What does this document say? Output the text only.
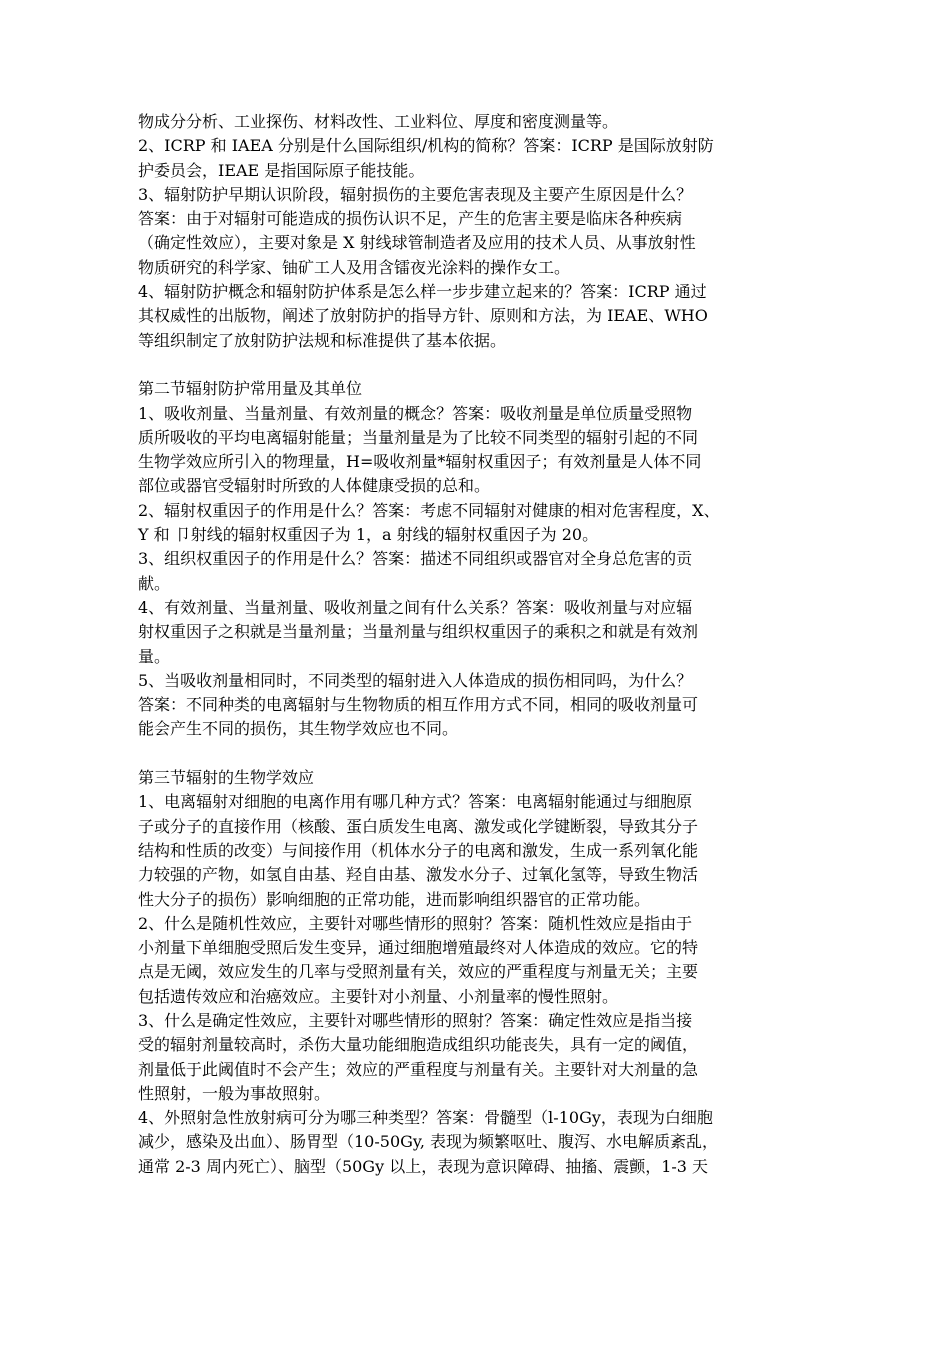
物成分分析、工业探伤、材料改性、工业料位、厚度和密度测量等。
2、ICRP 和 IAEA 分别是什么国际组织/机构的简称？答案：ICRP 是国际放射防
护委员会，IEAE 是指国际原子能技能。
3、辐射防护早期认识阶段，辐射损伤的主要危害表现及主要产生原因是什么？
答案：由于对辐射可能造成的损伤认识不足，产生的危害主要是临床各种疾病
（确定性效应），主要对象是 X 射线球管制造者及应用的技术人员、从事放射性
物质研究的科学家、铀矿工人及用含镭夜光涂料的操作女工。
4、辐射防护概念和辐射防护体系是怎么样一步步建立起来的？答案：ICRP 通过
其权威性的出版物，阐述了放射防护的指导方针、原则和方法，为 IEAE、WHO
等组织制定了放射防护法规和标准提供了基本依据。
第二节辐射防护常用量及其单位
1、吸收剂量、当量剂量、有效剂量的概念？答案：吸收剂量是单位质量受照物
质所吸收的平均电离辐射能量；当量剂量是为了比较不同类型的辐射引起的不同
生物学效应所引入的物理量，H=吸收剂量*辐射权重因子；有效剂量是人体不同
部位或器官受辐射时所致的人体健康受损的总和。
2、辐射权重因子的作用是什么？答案：考虑不同辐射对健康的相对危害程度，X、
Y 和 卩射线的辐射权重因子为 1，a 射线的辐射权重因子为 20。
3、组织权重因子的作用是什么？答案：描述不同组织或器官对全身总危害的贡
献。
4、有效剂量、当量剂量、吸收剂量之间有什么关系？答案：吸收剂量与对应辐
射权重因子之积就是当量剂量；当量剂量与组织权重因子的乘积之和就是有效剂
量。
5、当吸收剂量相同时，不同类型的辐射进入人体造成的损伤相同吗，为什么？
答案：不同种类的电离辐射与生物物质的相互作用方式不同，相同的吸收剂量可
能会产生不同的损伤，其生物学效应也不同。
第三节辐射的生物学效应
1、电离辐射对细胞的电离作用有哪几种方式？答案：电离辐射能通过与细胞原
子或分子的直接作用（核酸、蛋白质发生电离、激发或化学键断裂，导致其分子
结构和性质的改变）与间接作用（机体水分子的电离和激发，生成一系列氧化能
力较强的产物，如氢自由基、羟自由基、激发水分子、过氧化氢等，导致生物活
性大分子的损伤）影响细胞的正常功能，进而影响组织器官的正常功能。
2、什么是随机性效应，主要针对哪些情形的照射？答案：随机性效应是指由于
小剂量下单细胞受照后发生变异，通过细胞增殖最终对人体造成的效应。它的特
点是无阈，效应发生的几率与受照剂量有关，效应的严重程度与剂量无关；主要
包括遗传效应和治癌效应。主要针对小剂量、小剂量率的慢性照射。
3、什么是确定性效应，主要针对哪些情形的照射？答案：确定性效应是指当接
受的辐射剂量较高时，杀伤大量功能细胞造成组织功能丧失，具有一定的阈值，
剂量低于此阈值时不会产生；效应的严重程度与剂量有关。主要针对大剂量的急
性照射，一般为事故照射。
4、外照射急性放射病可分为哪三种类型？答案：骨髓型（l-10Gy，表现为白细胞
减少，感染及出血）、肠胃型（10-50Gy, 表现为频繁呕吐、腹泻、水电解质紊乱，
通常 2-3 周内死亡）、脑型（50Gy 以上，表现为意识障碍、抽搐、震颤，1-3 天
